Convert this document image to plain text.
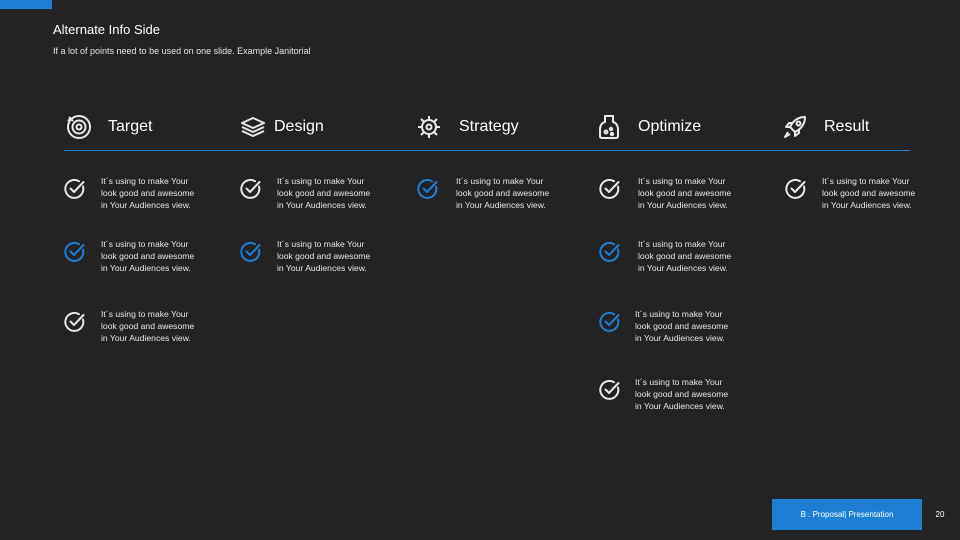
Alternate Info Side
If a lot of points need to be used on one slide. Example Janitorial
Target	Design	Strategy	Optimize	Result
It´s using to make Your look good and awesome in Your Audiences view.
It´s using to make Your look good and awesome in Your Audiences view.
It´s using to make Your look good and awesome in Your Audiences view.
It´s using to make Your look good and awesome in Your Audiences view.
It´s using to make Your look good and awesome in Your Audiences view.
It´s using to make Your look good and awesome in Your Audiences view.
It´s using to make Your look good and awesome in Your Audiences view.
It´s using to make Your look good and awesome in Your Audiences view.
It´s using to make Your look good and awesome in Your Audiences view.
It´s using to make Your look good and awesome in Your Audiences view.
It´s using to make Your look good and awesome in Your Audiences view.
B . Proposal| Presentation	20
